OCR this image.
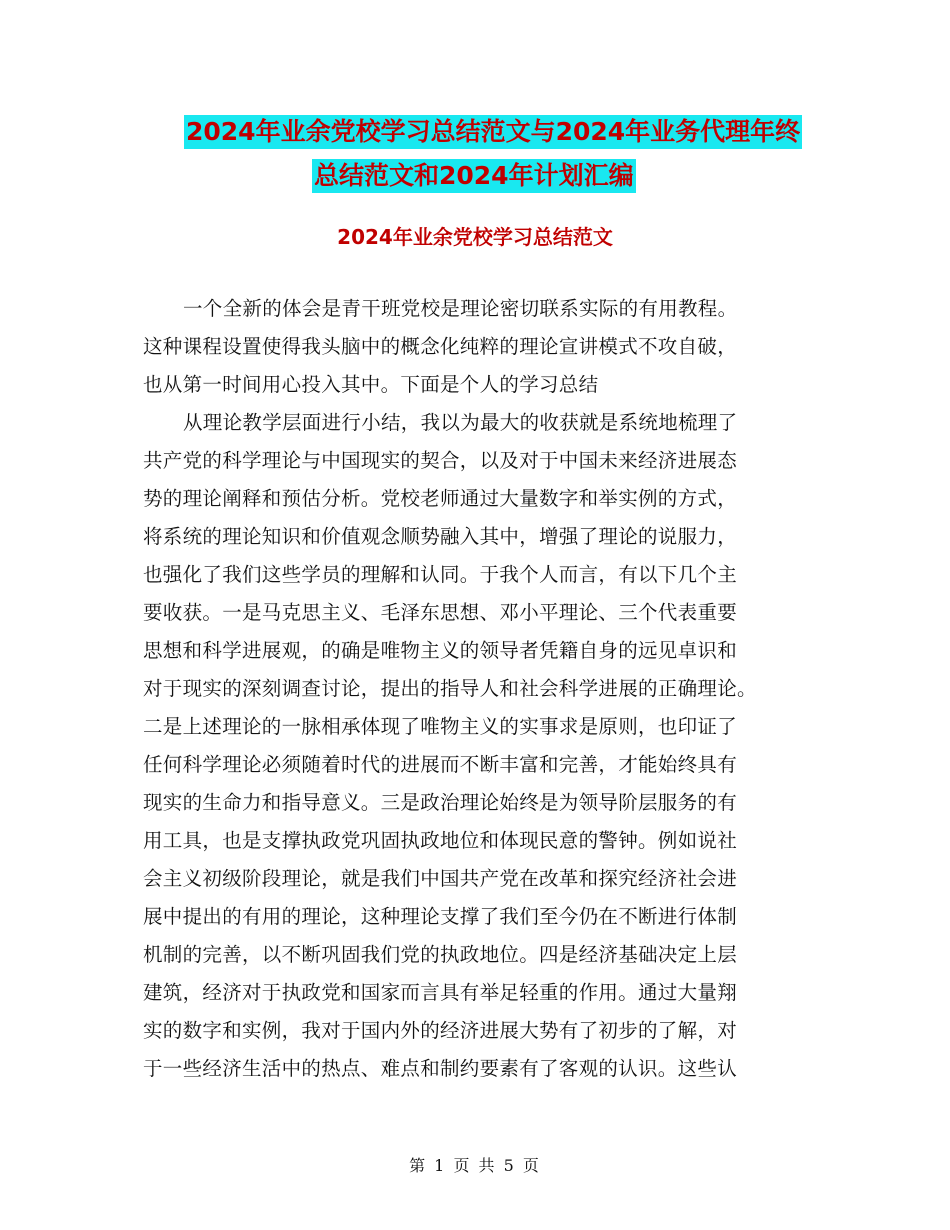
2024年业余党校学习总结范文与2024年业务代理年终
总结范文和2024年计划汇编
2024年业余党校学习总结范文
一个全新的体会是青干班党校是理论密切联系实际的有用教程。
这种课程设置使得我头脑中的概念化纯粹的理论宣讲模式不攻自破，
也从第一时间用心投入其中。下面是个人的学习总结
从理论教学层面进行小结，我以为最大的收获就是系统地梳理了
共产党的科学理论与中国现实的契合，以及对于中国未来经济进展态
势的理论阐释和预估分析。党校老师通过大量数字和举实例的方式，
将系统的理论知识和价值观念顺势融入其中，增强了理论的说服力，
也强化了我们这些学员的理解和认同。于我个人而言，有以下几个主
要收获。一是马克思主义、毛泽东思想、邓小平理论、三个代表重要
思想和科学进展观，的确是唯物主义的领导者凭籍自身的远见卓识和
对于现实的深刻调查讨论，提出的指导人和社会科学进展的正确理论。
二是上述理论的一脉相承体现了唯物主义的实事求是原则，也印证了
任何科学理论必须随着时代的进展而不断丰富和完善，才能始终具有
现实的生命力和指导意义。三是政治理论始终是为领导阶层服务的有
用工具，也是支撑执政党巩固执政地位和体现民意的警钟。例如说社
会主义初级阶段理论，就是我们中国共产党在改革和探究经济社会进
展中提出的有用的理论，这种理论支撑了我们至今仍在不断进行体制
机制的完善，以不断巩固我们党的执政地位。四是经济基础决定上层
建筑，经济对于执政党和国家而言具有举足轻重的作用。通过大量翔
实的数字和实例，我对于国内外的经济进展大势有了初步的了解，对
于一些经济生活中的热点、难点和制约要素有了客观的认识。这些认
第 1 页 共 5 页
